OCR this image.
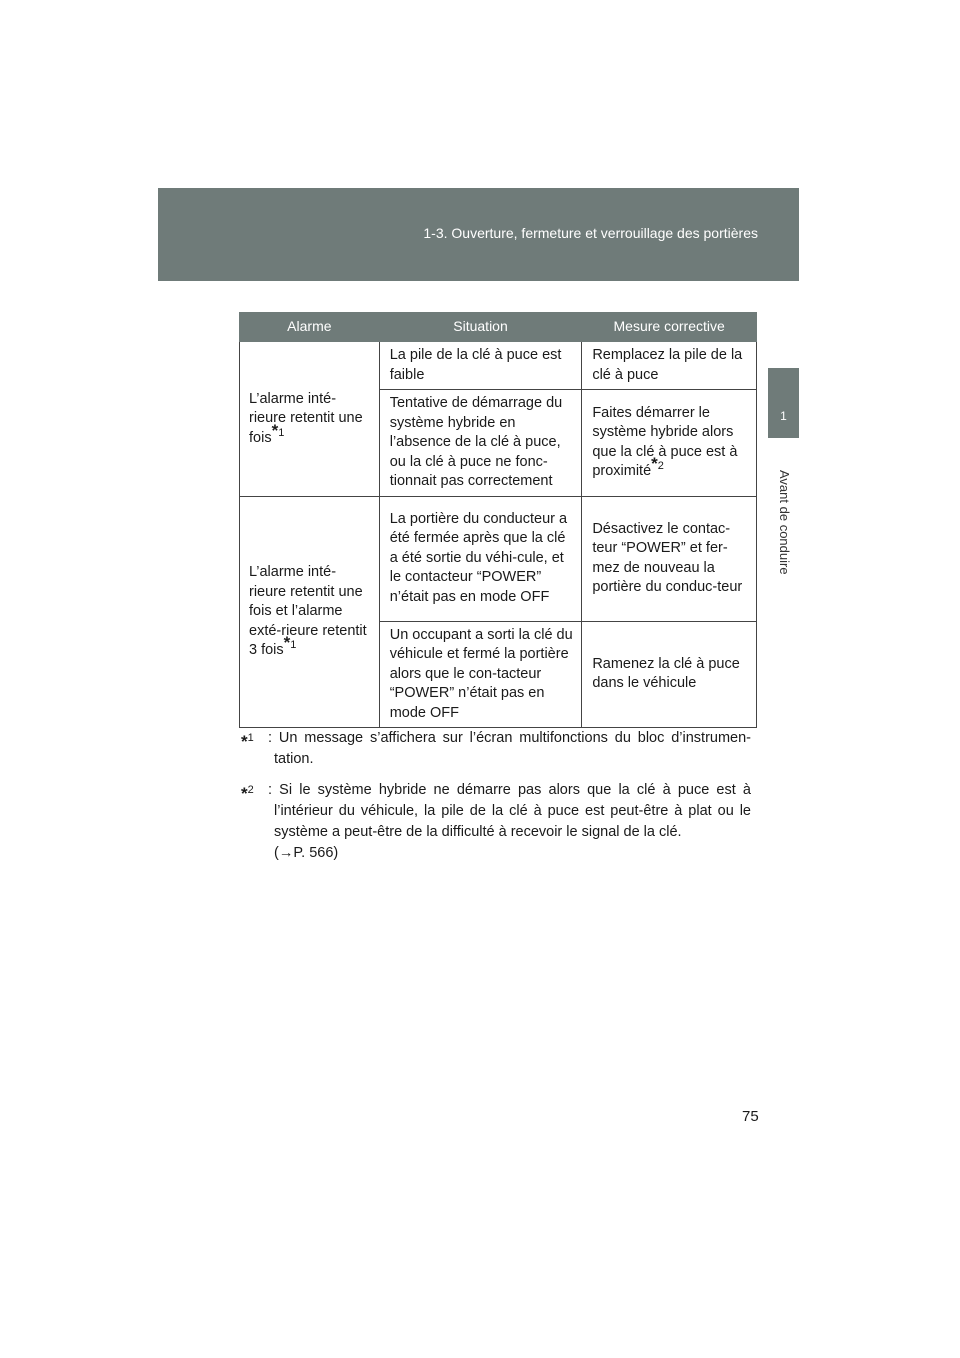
1-3. Ouverture, fermeture et verrouillage des portières
1
Avant de conduire
Alarme	Situation	Mesure corrective
L’alarme inté-rieure retentit une fois$^{*1}$	La pile de la clé à puce est faible	Remplacez la pile de la clé à puce
	Tentative de démarrage du système hybride en l’absence de la clé à puce, ou la clé à puce ne fonc-tionnait pas correctement	Faites démarrer le système hybride alors que la clé à puce est à proximité$^{*2}$
L’alarme inté-rieure retentit une fois et l’alarme exté-rieure retentit 3 fois$^{*1}$	La portière du conducteur a été fermée après que la clé a été sortie du véhi-cule, et le contacteur “POWER” n’était pas en mode OFF	Désactivez le contac-teur “POWER” et fer-mez de nouveau la portière du conduc-teur
	Un occupant a sorti la clé du véhicule et fermé la portière alors que le con-tacteur “POWER” n’était pas en mode OFF	Ramenez la clé à puce dans le véhicule
*$^1$ : Un message s’affichera sur l’écran multifonctions du bloc d’instrumen-tation.
*$^2$ : Si le système hybride ne démarre pas alors que la clé à puce est à l’intérieur du véhicule, la pile de la clé à puce est peut-être à plat ou le système a peut-être de la difficulté à recevoir le signal de la clé.
(→P. 566)
75
